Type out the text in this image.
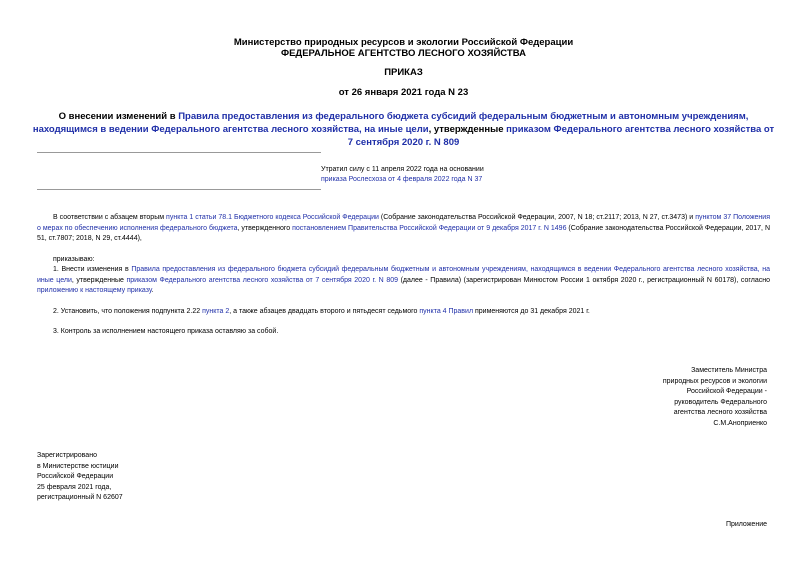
Министерство природных ресурсов и экологии Российской Федерации
ФЕДЕРАЛЬНОЕ АГЕНТСТВО ЛЕСНОГО ХОЗЯЙСТВА
ПРИКАЗ
от 26 января 2021 года N 23
О внесении изменений в Правила предоставления из федерального бюджета субсидий федеральным бюджетным и автономным учреждениям, находящимся в ведении Федерального агентства лесного хозяйства, на иные цели, утвержденные приказом Федерального агентства лесного хозяйства от 7 сентября 2020 г. N 809
Утратил силу с 11 апреля 2022 года на основании
приказа Рослесхоза от 4 февраля 2022 года N 37
В соответствии с абзацем вторым пункта 1 статьи 78.1 Бюджетного кодекса Российской Федерации (Собрание законодательства Российской Федерации, 2007, N 18; ст.2117; 2013, N 27, ст.3473) и пунктом 37 Положения о мерах по обеспечению исполнения федерального бюджета, утвержденного постановлением Правительства Российской Федерации от 9 декабря 2017 г. N 1496 (Собрание законодательства Российской Федерации, 2017, N 51, ст.7807; 2018, N 29, ст.4444),
приказываю:
1. Внести изменения в Правила предоставления из федерального бюджета субсидий федеральным бюджетным и автономным учреждениям, находящимся в ведении Федерального агентства лесного хозяйства, на иные цели, утвержденные приказом Федерального агентства лесного хозяйства от 7 сентября 2020 г. N 809 (далее - Правила) (зарегистрирован Минюстом России 1 октября 2020 г., регистрационный N 60178), согласно приложению к настоящему приказу.
2. Установить, что положения подпункта 2.22 пункта 2, а также абзацев двадцать второго и пятьдесят седьмого пункта 4 Правил применяются до 31 декабря 2021 г.
3. Контроль за исполнением настоящего приказа оставляю за собой.
Заместитель Министра
природных ресурсов и экологии
Российской Федерации -
руководитель Федерального
агентства лесного хозяйства
С.М.Аноприенко
Зарегистрировано
в Министерстве юстиции
Российской Федерации
25 февраля 2021 года,
регистрационный N 62607
Приложение
